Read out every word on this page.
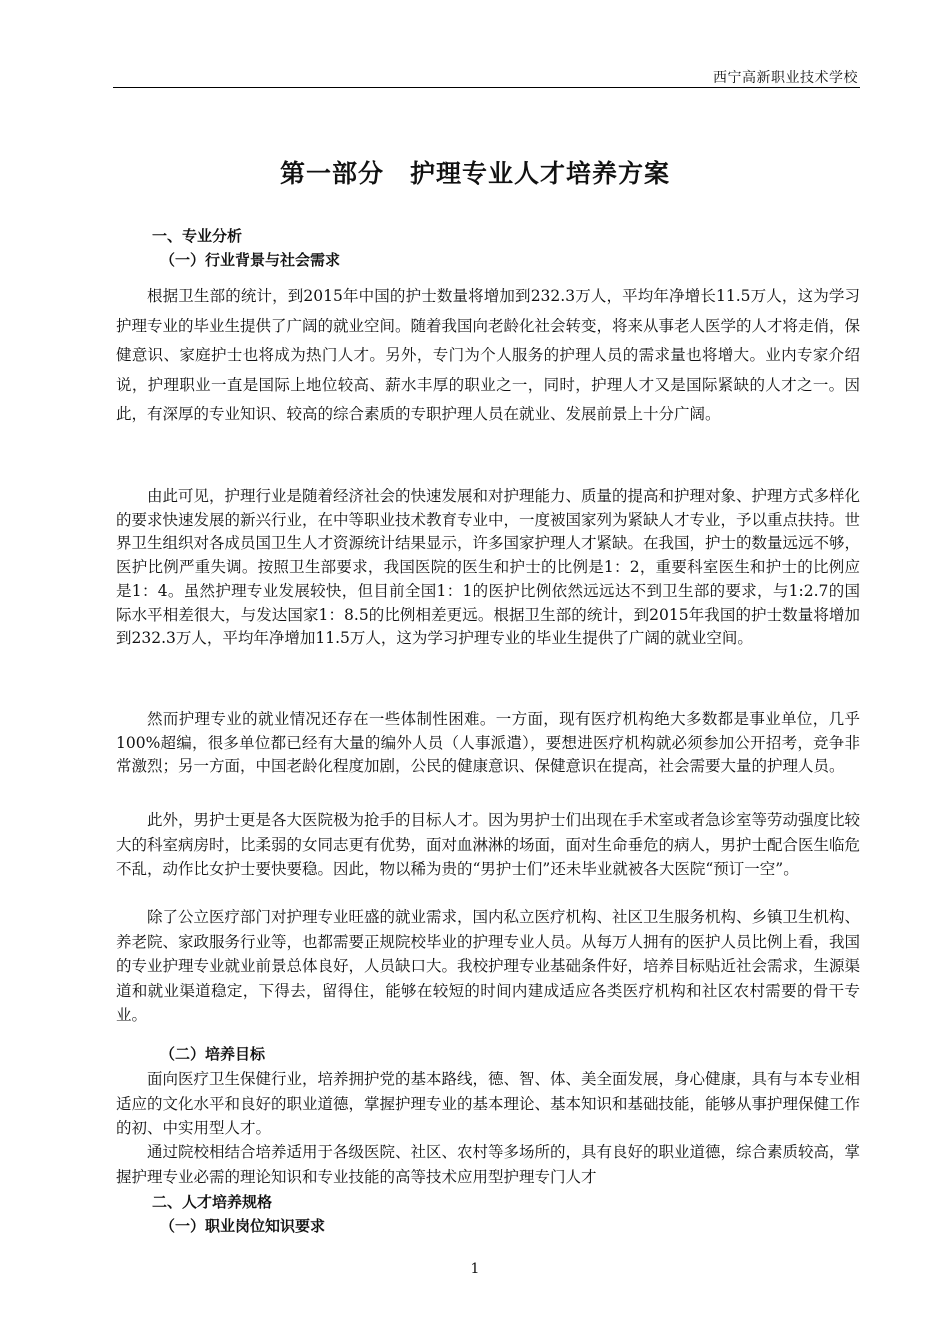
西宁高新职业技术学校
第一部分　护理专业人才培养方案
一、专业分析
（一）行业背景与社会需求
根据卫生部的统计，到2015年中国的护士数量将增加到232.3万人，平均年净增长11.5万人，这为学习护理专业的毕业生提供了广阔的就业空间。随着我国向老龄化社会转变，将来从事老人医学的人才将走俏，保健意识、家庭护士也将成为热门人才。另外，专门为个人服务的护理人员的需求量也将增大。业内专家介绍说，护理职业一直是国际上地位较高、薪水丰厚的职业之一，同时，护理人才又是国际紧缺的人才之一。因此，有深厚的专业知识、较高的综合素质的专职护理人员在就业、发展前景上十分广阔。
由此可见，护理行业是随着经济社会的快速发展和对护理能力、质量的提高和护理对象、护理方式多样化的要求快速发展的新兴行业，在中等职业技术教育专业中，一度被国家列为紧缺人才专业，予以重点扶持。世界卫生组织对各成员国卫生人才资源统计结果显示，许多国家护理人才紧缺。在我国，护士的数量远远不够，医护比例严重失调。按照卫生部要求，我国医院的医生和护士的比例是1：2，重要科室医生和护士的比例应是1：4。虽然护理专业发展较快，但目前全国1：1的医护比例依然远远达不到卫生部的要求，与1:2.7的国际水平相差很大，与发达国家1：8.5的比例相差更远。根据卫生部的统计，到2015年我国的护士数量将增加到232.3万人，平均年净增加11.5万人，这为学习护理专业的毕业生提供了广阔的就业空间。
然而护理专业的就业情况还存在一些体制性困难。一方面，现有医疗机构绝大多数都是事业单位，几乎100%超编，很多单位都已经有大量的编外人员（人事派遣），要想进医疗机构就必须参加公开招考，竞争非常激烈；另一方面，中国老龄化程度加剧，公民的健康意识、保健意识在提高，社会需要大量的护理人员。
此外，男护士更是各大医院极为抢手的目标人才。因为男护士们出现在手术室或者急诊室等劳动强度比较大的科室病房时，比柔弱的女同志更有优势，面对血淋淋的场面，面对生命垂危的病人，男护士配合医生临危不乱，动作比女护士要快要稳。因此，物以稀为贵的“男护士们”还未毕业就被各大医院“预订一空”。
除了公立医疗部门对护理专业旺盛的就业需求，国内私立医疗机构、社区卫生服务机构、乡镇卫生机构、养老院、家政服务行业等，也都需要正规院校毕业的护理专业人员。从每万人拥有的医护人员比例上看，我国的专业护理专业就业前景总体良好，人员缺口大。我校护理专业基础条件好，培养目标贴近社会需求，生源渠道和就业渠道稳定，下得去，留得住，能够在较短的时间内建成适应各类医疗机构和社区农村需要的骨干专业。
（二）培养目标
面向医疗卫生保健行业，培养拥护党的基本路线，德、智、体、美全面发展，身心健康，具有与本专业相适应的文化水平和良好的职业道德，掌握护理专业的基本理论、基本知识和基础技能，能够从事护理保健工作的初、中实用型人才。
通过院校相结合培养适用于各级医院、社区、农村等多场所的，具有良好的职业道德，综合素质较高，掌握护理专业必需的理论知识和专业技能的高等技术应用型护理专门人才
二、人才培养规格
（一）职业岗位知识要求
1
